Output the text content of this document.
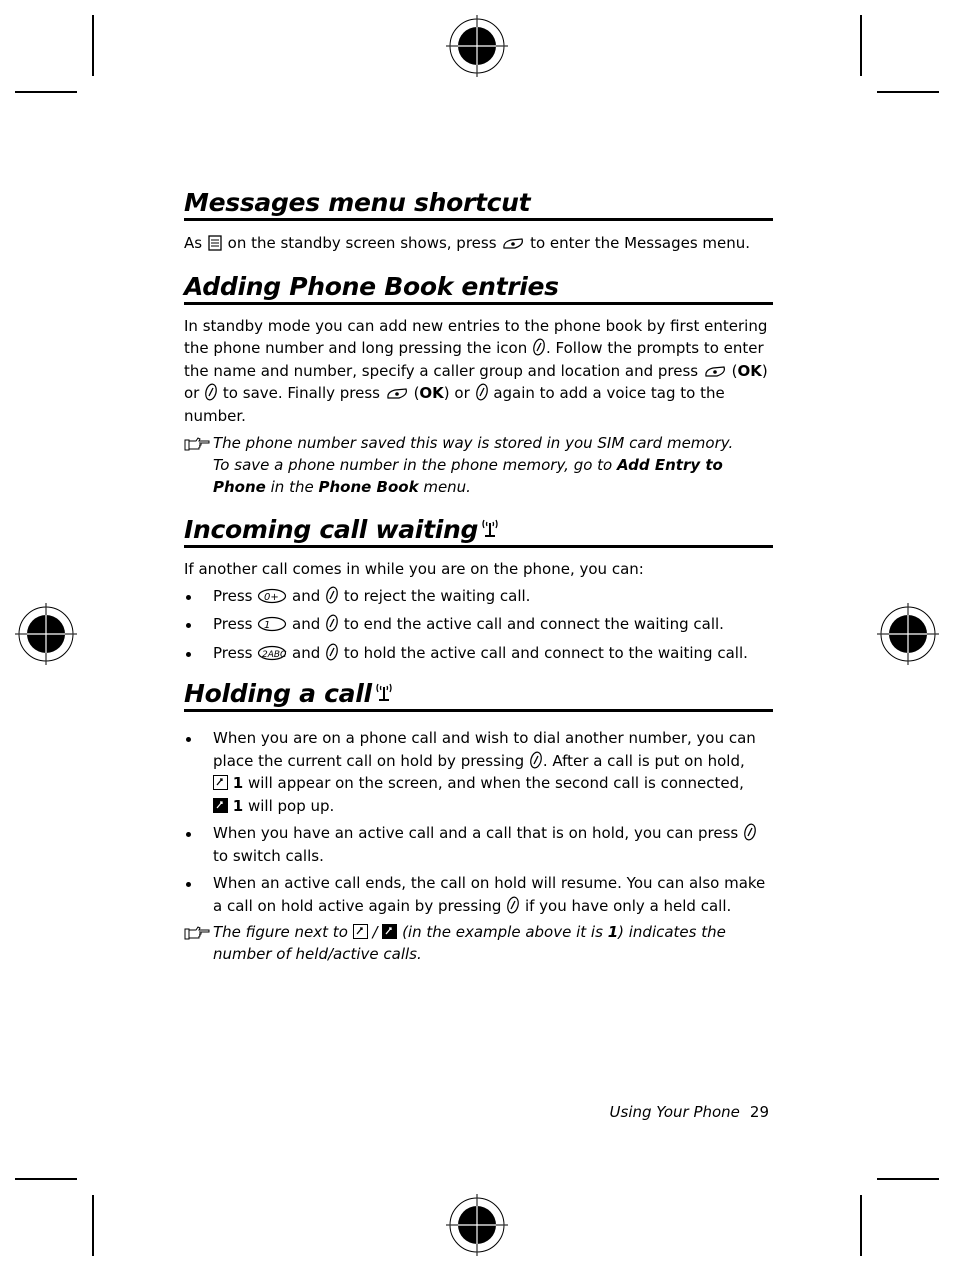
Messages menu shortcut

As on the standby screen shows, press to enter the Messages menu.

Adding Phone Book entries

In standby mode you can add new entries to the phone book by first entering the phone number and long pressing the icon . Follow the prompts to enter the name and number, specify a caller group and location and press (OK) or to save. Finally press (OK) or again to add a voice tag to the number.

The phone number saved this way is stored in you SIM card memory.
To save a phone number in the phone memory, go to Add Entry to Phone in the Phone Book menu.
Incoming call waiting

If another call comes in while you are on the phone, you can:

Press 0+ and to reject the waiting call.
Press 1 and to end the active call and connect the waiting call.
Press 2ABC and to hold the active call and connect to the waiting call.
Holding a call
When you are on a phone call and wish to dial another number, you can place the current call on hold by pressing . After a call is put on hold,

1 will appear on the screen, and when the second call is connected,

1 will pop up.
When you have an active call and a call that is on hold, you can press  to switch calls.
When an active call ends, the call on hold will resume. You can also make a call on hold active again by pressing if you have only a held call.
The figure next to / (in the example above it is 1) indicates the number of held/active calls.
Using Your Phone 29
